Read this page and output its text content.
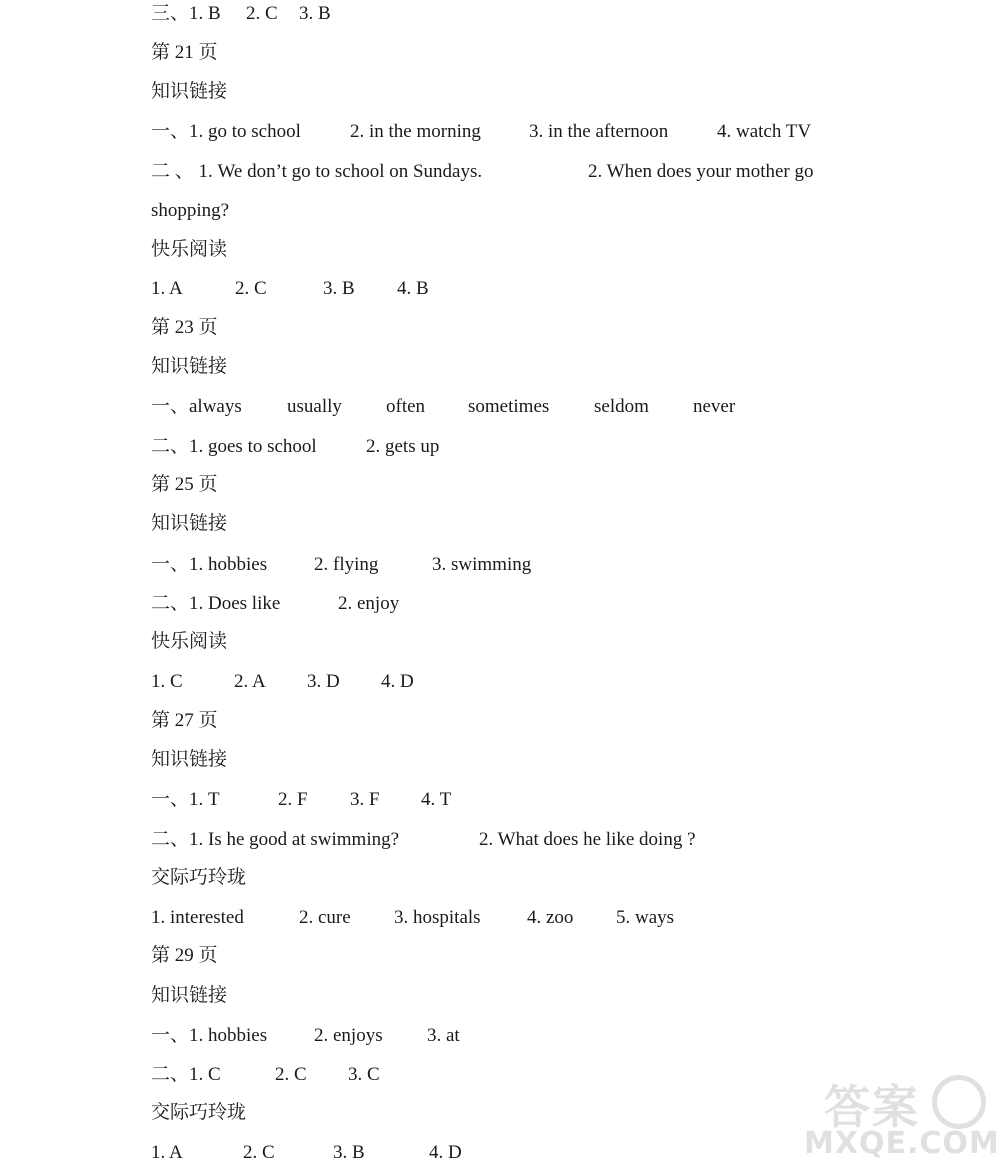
三、1. B 2. C 3. B
第 21 页
知识链接
一、1. go to school	2. in the morning	3. in the afternoon	4. watch TV
二 、 1. We don’t go to school on Sundays.	2. When does your mother go
shopping?
快乐阅读
1. A	2. C	3. B 4. B
第 23 页
知识链接
一、always usually often sometimes seldom never
二、1. goes to school	2. gets up
第 25 页
知识链接
一、1. hobbies 2. flying	3. swimming
二、1. Does like	2. enjoy
快乐阅读
1. C	2. A 3. D 4. D
第 27 页
知识链接
一、1. T	2. F 3. F 4. T
二、1. Is he good at swimming?	2. What does he like doing ?
交际巧玲珑
1. interested	2. cure 3. hospitals 4. zoo 5. ways
第 29 页
知识链接
一、1. hobbies 2. enjoys 3. at
二、1. C	2. C 3. C
交际巧玲珑
1. A	2. C	3. B	4. D
答案
MXQE.COM
